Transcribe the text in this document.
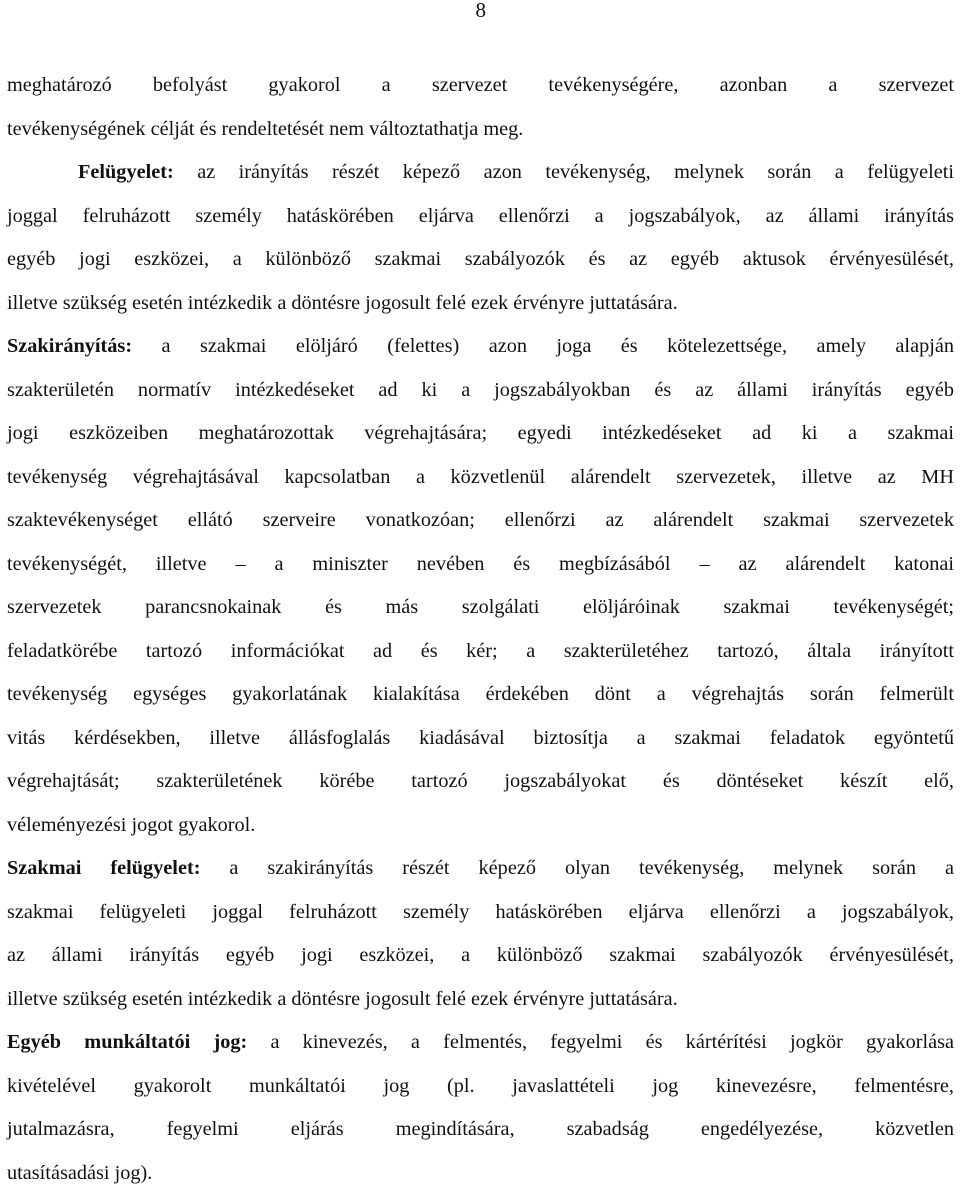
8
meghatározó befolyást gyakorol a szervezet tevékenységére, azonban a szervezet
tevékenységének célját és rendeltetését nem változtathatja meg.
Felügyelet: az irányítás részét képező azon tevékenység, melynek során a felügyeleti
joggal felruházott személy hatáskörében eljárva ellenőrzi a jogszabályok, az állami irányítás
egyéb jogi eszközei, a különböző szakmai szabályozók és az egyéb aktusok érvényesülését,
illetve szükség esetén intézkedik a döntésre jogosult felé ezek érvényre juttatására.
Szakirányítás: a szakmai elöljáró (felettes) azon joga és kötelezettsége, amely alapján
szakterületén normatív intézkedéseket ad ki a jogszabályokban és az állami irányítás egyéb
jogi eszközeiben meghatározottak végrehajtására; egyedi intézkedéseket ad ki a szakmai
tevékenység végrehajtásával kapcsolatban a közvetlenül alárendelt szervezetek, illetve az MH
szaktevékenységet ellátó szerveire vonatkozóan; ellenőrzi az alárendelt szakmai szervezetek
tevékenységét, illetve – a miniszter nevében és megbízásából – az alárendelt katonai
szervezetek parancsnokainak és más szolgálati elöljáróinak szakmai tevékenységét;
feladatkörébe tartozó információkat ad és kér; a szakterületéhez tartozó, általa irányított
tevékenység egységes gyakorlatának kialakítása érdekében dönt a végrehajtás során felmerült
vitás kérdésekben, illetve állásfoglalás kiadásával biztosítja a szakmai feladatok egyöntetű
végrehajtását; szakterületének körébe tartozó jogszabályokat és döntéseket készít elő,
véleményezési jogot gyakorol.
Szakmai felügyelet: a szakirányítás részét képező olyan tevékenység, melynek során a
szakmai felügyeleti joggal felruházott személy hatáskörében eljárva ellenőrzi a jogszabályok,
az állami irányítás egyéb jogi eszközei, a különböző szakmai szabályozók érvényesülését,
illetve szükség esetén intézkedik a döntésre jogosult felé ezek érvényre juttatására.
Egyéb munkáltatói jog: a kinevezés, a felmentés, fegyelmi és kártérítési jogkör gyakorlása
kivételével gyakorolt munkáltatói jog (pl. javaslattételi jog kinevezésre, felmentésre,
jutalmazásra, fegyelmi eljárás megindítására, szabadság engedélyezése, közvetlen
utasításadási jog).
